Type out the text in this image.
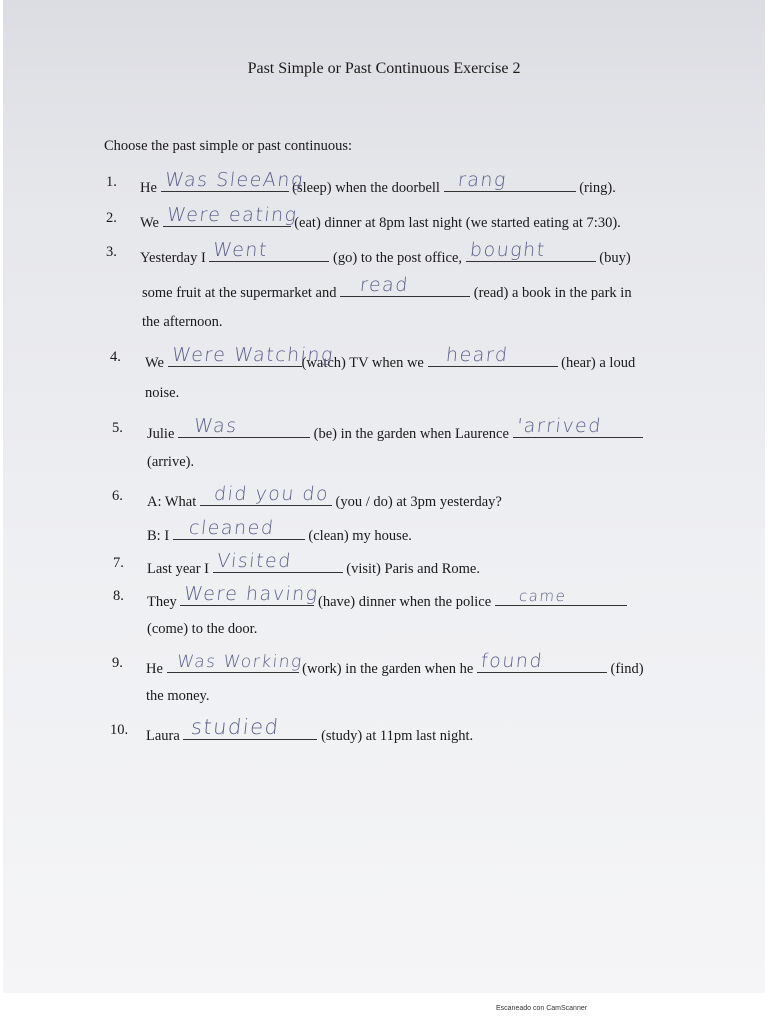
Past Simple or Past Continuous Exercise 2
Choose the past simple or past continuous:
1. He Was SleeAng
(sleep) when the doorbell rang	(ring).
2. We Were eating
(eat) dinner at 8pm last night (we started eating at 7:30).
3. Yesterday I Went	(go) to the post office, bought	(buy)
some fruit at the supermarket and read	(read) a book in the park in
the afternoon.
4. We Were Watching
(watch) TV when we heard	(hear) a loud
noise.
5. Julie Was	(be) in the garden when Laurence 'arrived
(arrive).
6. A: What did you do (you / do) at 3pm yesterday?
B: I cleaned (clean) my house.
7. Last year I Visited	(visit) Paris and Rome.
8. They Were having
(have) dinner when the police came
(come) to the door.
9. He Was Working
(work) in the garden when he found	(find)
the money.
10. Laura studied	(study) at 11pm last night.
Escaneado con CamScanner
